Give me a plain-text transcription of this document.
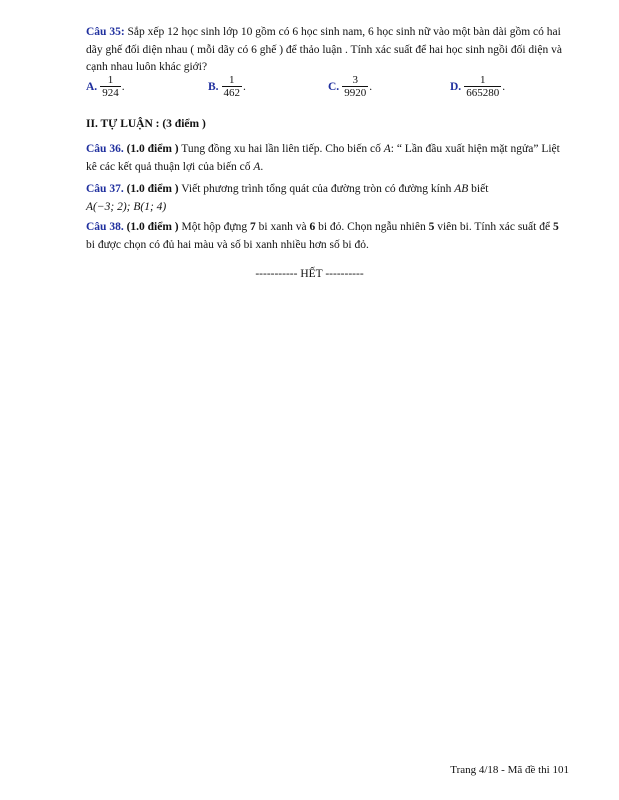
Câu 35: Sắp xếp 12 học sinh lớp 10 gồm có 6 học sinh nam, 6 học sinh nữ vào một bàn dài gồm có hai dãy ghế đối diện nhau ( mỗi dãy có 6 ghế ) để thảo luận . Tính xác suất để hai học sinh ngồi đối diện và cạnh nhau luôn khác giới?
A. $\frac{1}{924}$ .	B. $\frac{1}{462}$ .	C. $\frac{3}{9920}$ .	D. $\frac{1}{665280}$ .
II. TỰ LUẬN : (3 điểm )
Câu 36. (1.0 điểm ) Tung đồng xu hai lần liên tiếp. Cho biến cố A: “ Lần đầu xuất hiện mặt ngửa” Liệt kê các kết quả thuận lợi của biến cố A.
Câu 37. (1.0 điểm ) Viết phương trình tổng quát của đường tròn có đường kính AB biết
A(−3; 2); B(1; 4)
Câu 38. (1.0 điểm ) Một hộp đựng 7 bi xanh và 6 bi đỏ. Chọn ngẫu nhiên 5 viên bi. Tính xác suất để 5 bi được chọn có đủ hai màu và số bi xanh nhiều hơn số bi đỏ.
----------- HẾT ----------
Trang 4/18 - Mã đề thi 101
